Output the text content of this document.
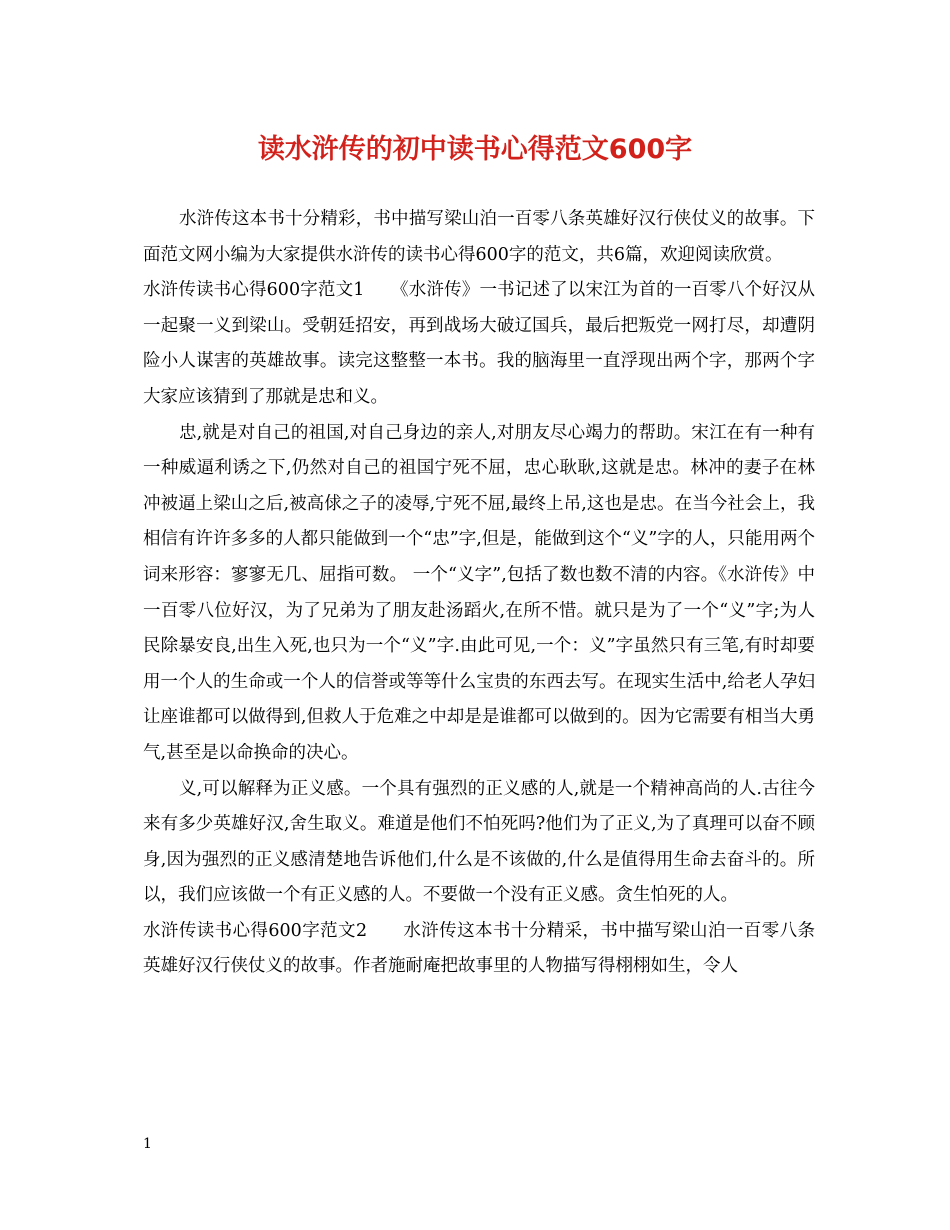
读水浒传的初中读书心得范文600字

水浒传这本书十分精彩，书中描写梁山泊一百零八条英雄好汉行侠仗义的故事。下面范文网小编为大家提供水浒传的读书心得600字的范文，共6篇，欢迎阅读欣赏。

水浒传读书心得600字范文1　　《水浒传》一书记述了以宋江为首的一百零八个好汉从一起聚一义到梁山。受朝廷招安，再到战场大破辽国兵，最后把叛党一网打尽，却遭阴险小人谋害的英雄故事。读完这整整一本书。我的脑海里一直浮现出两个字，那两个字大家应该猜到了那就是忠和义。

忠,就是对自己的祖国,对自己身边的亲人,对朋友尽心竭力的帮助。宋江在有一种有一种威逼利诱之下,仍然对自己的祖国宁死不屈，忠心耿耿,这就是忠。林冲的妻子在林冲被逼上梁山之后,被高俅之子的凌辱,宁死不屈,最终上吊,这也是忠。在当今社会上，我相信有许许多多的人都只能做到一个“忠”字,但是，能做到这个“义”字的人，只能用两个词来形容：寥寥无几、屈指可数。 一个“义字”,包括了数也数不清的内容。《水浒传》中一百零八位好汉，为了兄弟为了朋友赴汤蹈火,在所不惜。就只是为了一个“义”字;为人民除暴安良,出生入死,也只为一个“义”字.由此可见,一个：义”字虽然只有三笔,有时却要用一个人的生命或一个人的信誉或等等什么宝贵的东西去写。在现实生活中,给老人孕妇让座谁都可以做得到,但救人于危难之中却是是谁都可以做到的。因为它需要有相当大勇气,甚至是以命换命的决心。

义,可以解释为正义感。一个具有强烈的正义感的人,就是一个精神高尚的人.古往今来有多少英雄好汉,舍生取义。难道是他们不怕死吗?他们为了正义,为了真理可以奋不顾身,因为强烈的正义感清楚地告诉他们,什么是不该做的,什么是值得用生命去奋斗的。所以，我们应该做一个有正义感的人。不要做一个没有正义感。贪生怕死的人。

水浒传读书心得600字范文2　　水浒传这本书十分精采，书中描写梁山泊一百零八条英雄好汉行侠仗义的故事。作者施耐庵把故事里的人物描写得栩栩如生，令人

1
